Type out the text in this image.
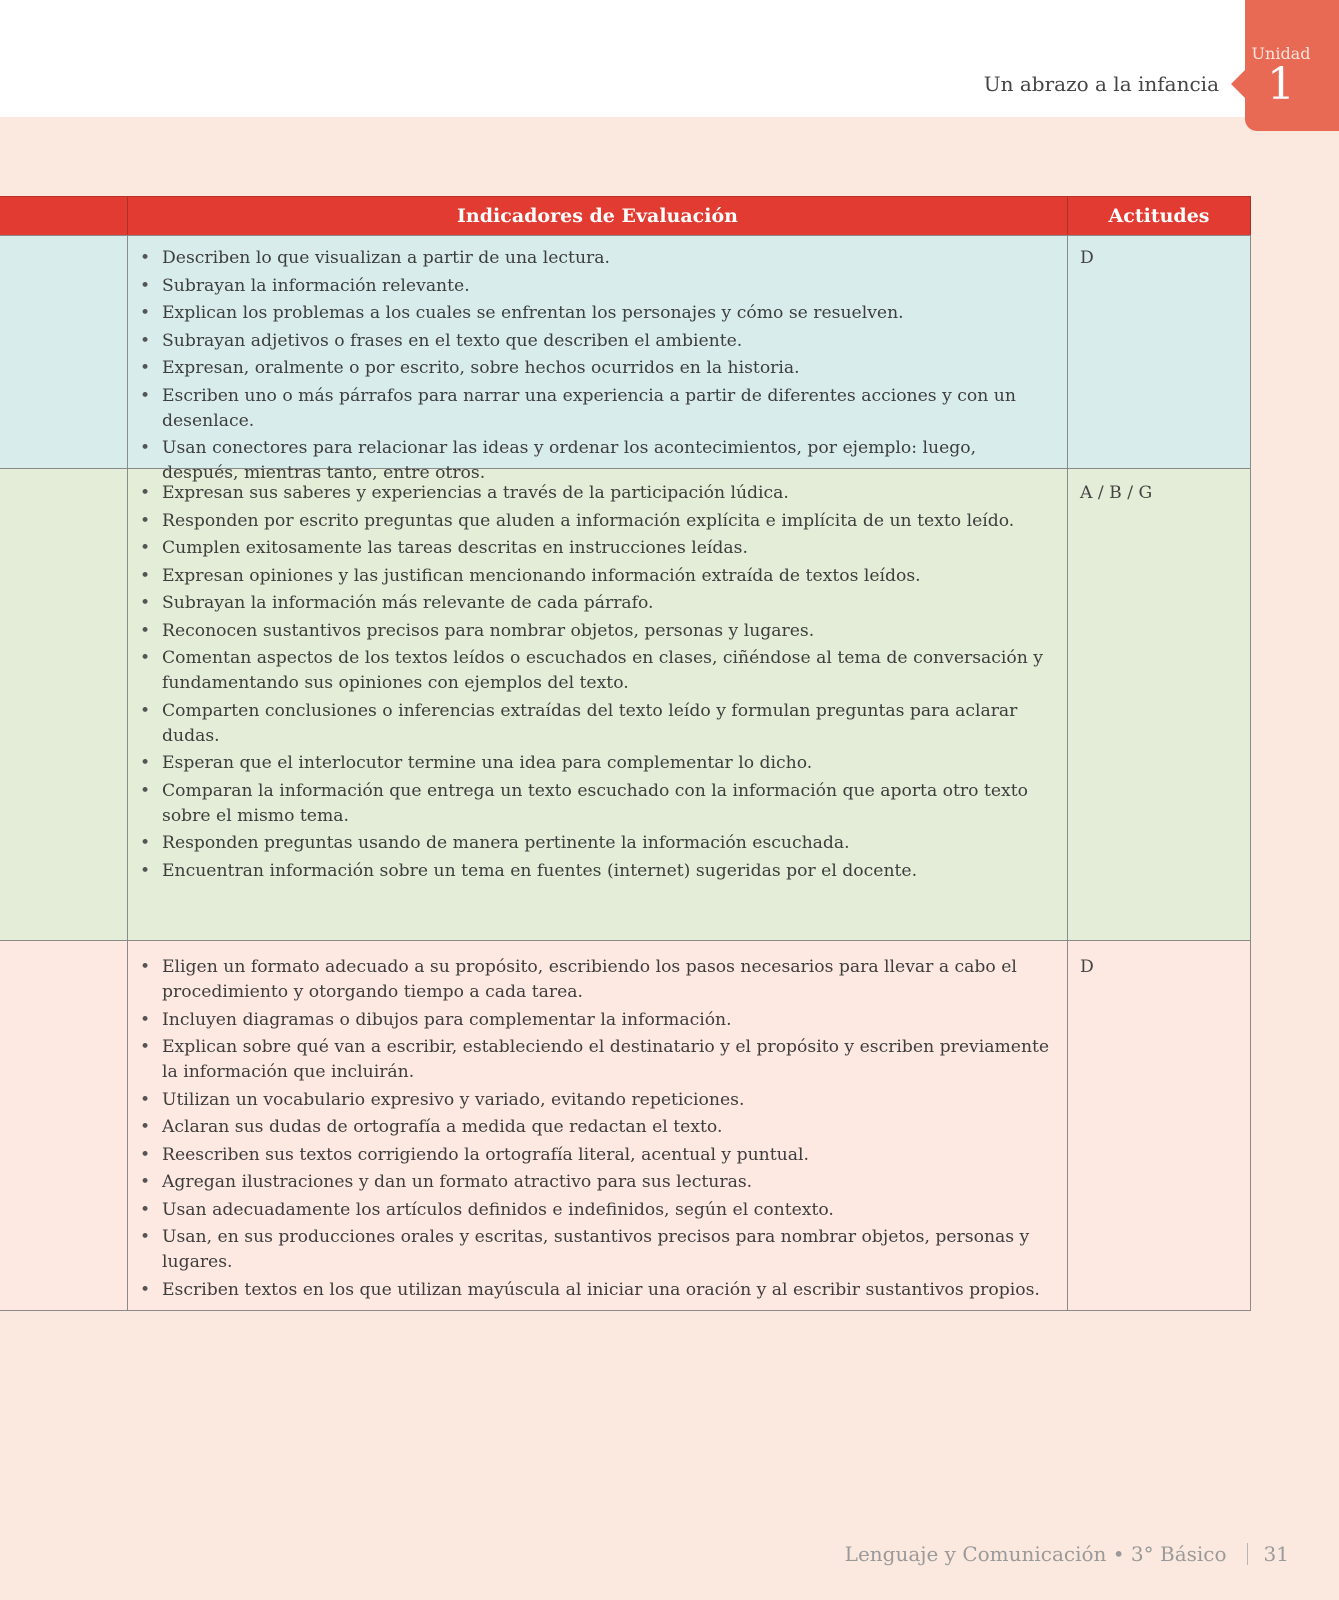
Un abrazo a la infancia
Unidad
1
Indicadores de Evaluación	Actitudes
• Describen lo que visualizan a partir de una lectura.
• Subrayan la información relevante.
• Explican los problemas a los cuales se enfrentan los personajes y cómo se resuelven.
• Subrayan adjetivos o frases en el texto que describen el ambiente.
• Expresan, oralmente o por escrito, sobre hechos ocurridos en la historia.
• Escriben uno o más párrafos para narrar una experiencia a partir de diferentes acciones y con un desenlace.
• Usan conectores para relacionar las ideas y ordenar los acontecimientos, por ejemplo: luego, después, mientras tanto, entre otros.
D
• Expresan sus saberes y experiencias a través de la participación lúdica.
• Responden por escrito preguntas que aluden a información explícita e implícita de un texto leído.
• Cumplen exitosamente las tareas descritas en instrucciones leídas.
• Expresan opiniones y las justifican mencionando información extraída de textos leídos.
• Subrayan la información más relevante de cada párrafo.
• Reconocen sustantivos precisos para nombrar objetos, personas y lugares.
• Comentan aspectos de los textos leídos o escuchados en clases, ciñéndose al tema de conversación y fundamentando sus opiniones con ejemplos del texto.
• Comparten conclusiones o inferencias extraídas del texto leído y formulan preguntas para aclarar dudas.
• Esperan que el interlocutor termine una idea para complementar lo dicho.
• Comparan la información que entrega un texto escuchado con la información que aporta otro texto sobre el mismo tema.
• Responden preguntas usando de manera pertinente la información escuchada.
• Encuentran información sobre un tema en fuentes (internet) sugeridas por el docente.
A / B / G
• Eligen un formato adecuado a su propósito, escribiendo los pasos necesarios para llevar a cabo el procedimiento y otorgando tiempo a cada tarea.
• Incluyen diagramas o dibujos para complementar la información.
• Explican sobre qué van a escribir, estableciendo el destinatario y el propósito y escriben previamente la información que incluirán.
• Utilizan un vocabulario expresivo y variado, evitando repeticiones.
• Aclaran sus dudas de ortografía a medida que redactan el texto.
• Reescriben sus textos corrigiendo la ortografía literal, acentual y puntual.
• Agregan ilustraciones y dan un formato atractivo para sus lecturas.
• Usan adecuadamente los artículos definidos e indefinidos, según el contexto.
• Usan, en sus producciones orales y escritas, sustantivos precisos para nombrar objetos, personas y lugares.
• Escriben textos en los que utilizan mayúscula al iniciar una oración y al escribir sustantivos propios.
D
Lenguaje y Comunicación • 3° Básico 31
